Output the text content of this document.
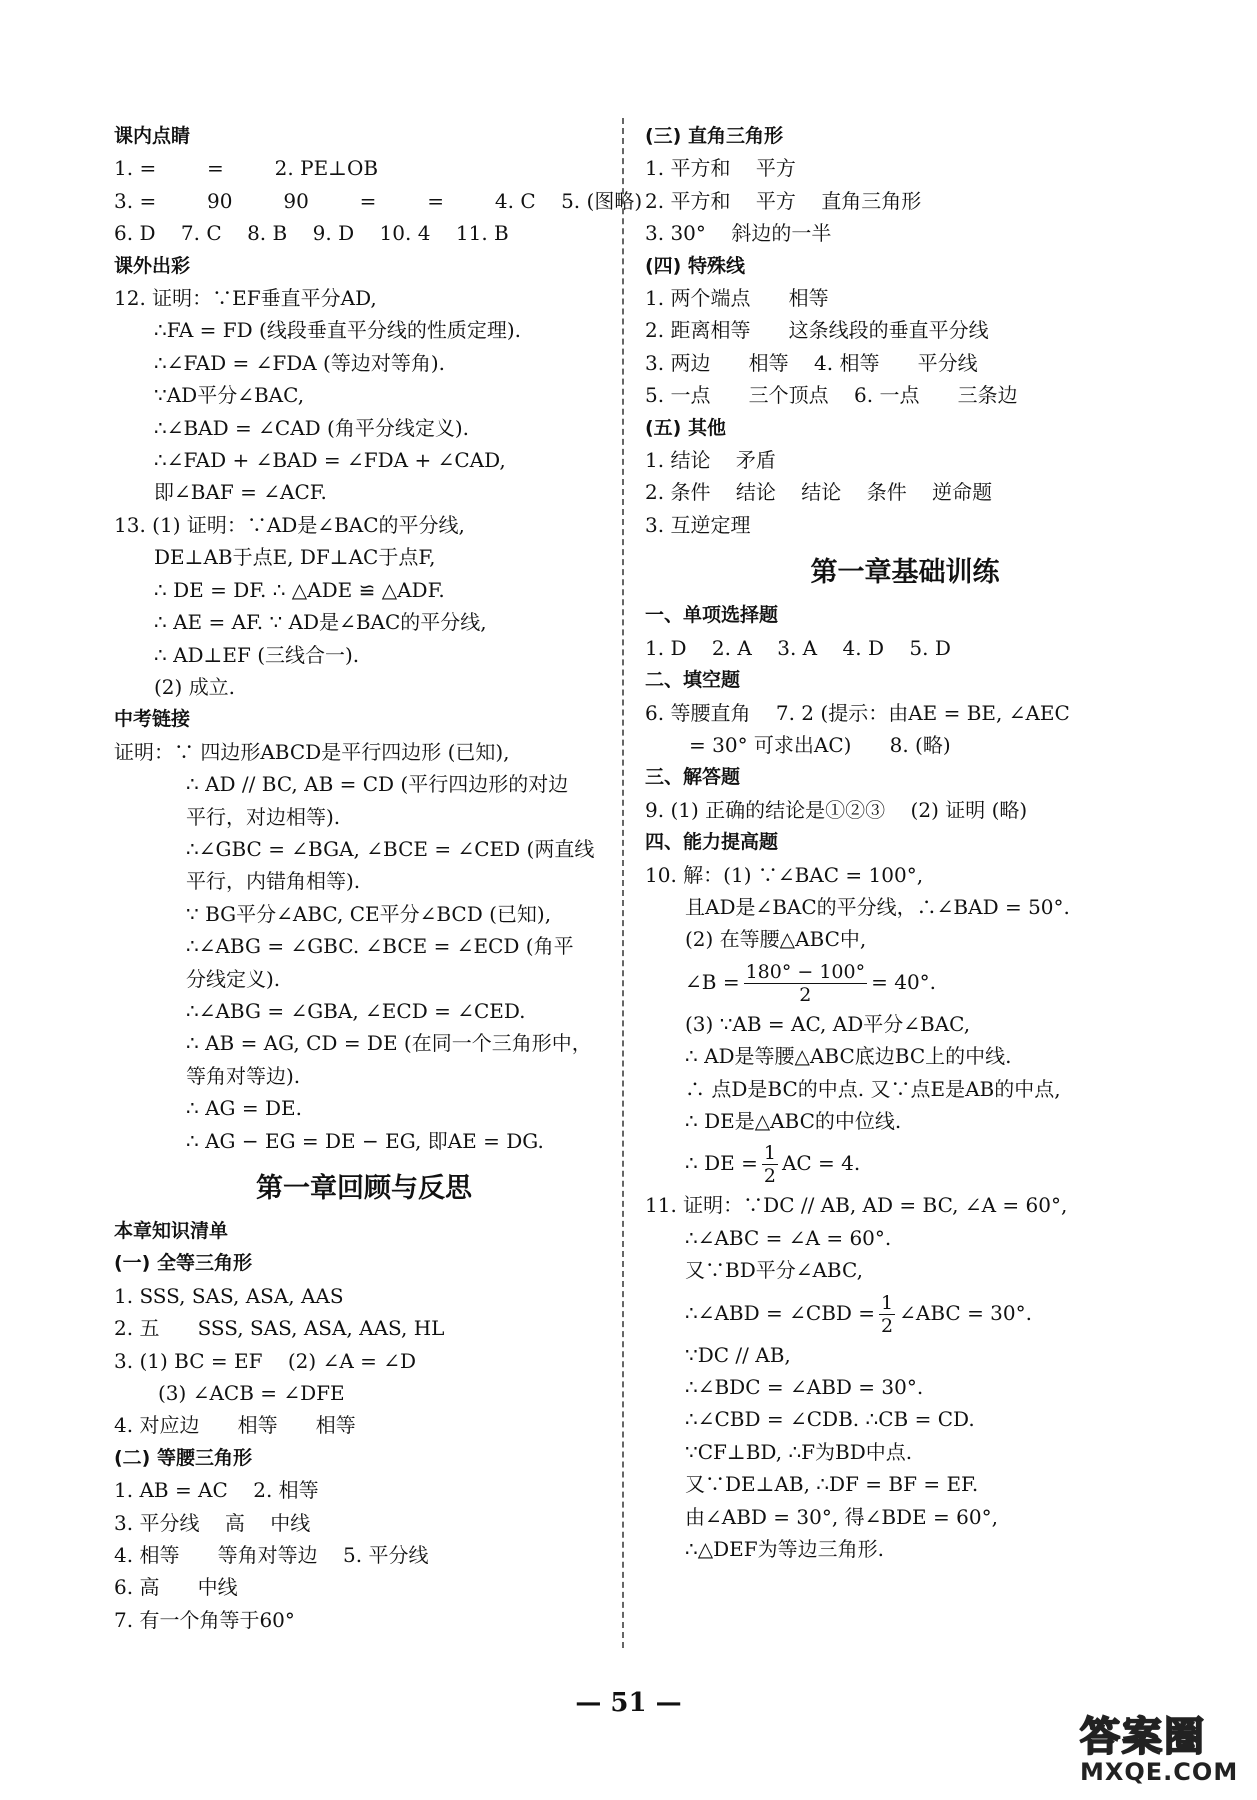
课内点睛
1. =        =        2. PE⊥OB
3. =        90        90        =        =        4. C    5. (图略)
6. D    7. C    8. B    9. D    10. 4    11. B
课外出彩
12. 证明：∵EF垂直平分AD,
∴FA = FD (线段垂直平分线的性质定理).
∴∠FAD = ∠FDA (等边对等角).
∵AD平分∠BAC,
∴∠BAD = ∠CAD (角平分线定义).
∴∠FAD + ∠BAD = ∠FDA + ∠CAD,
即∠BAF = ∠ACF.
13. (1) 证明：∵AD是∠BAC的平分线,
DE⊥AB于点E, DF⊥AC于点F,
∴ DE = DF. ∴ △ADE ≌ △ADF.
∴ AE = AF. ∵ AD是∠BAC的平分线,
∴ AD⊥EF (三线合一).
(2) 成立.
中考链接
证明：∵ 四边形ABCD是平行四边形 (已知),
∴ AD // BC, AB = CD (平行四边形的对边
平行，对边相等).
∴∠GBC = ∠BGA, ∠BCE = ∠CED (两直线
平行，内错角相等).
∵ BG平分∠ABC, CE平分∠BCD (已知),
∴∠ABG = ∠GBC. ∠BCE = ∠ECD (角平
分线定义).
∴∠ABG = ∠GBA, ∠ECD = ∠CED.
∴ AB = AG, CD = DE (在同一个三角形中，
等角对等边).
∴ AG = DE.
∴ AG − EG = DE − EG, 即AE = DG.
第一章回顾与反思
本章知识清单
(一) 全等三角形
1. SSS, SAS, ASA, AAS
2. 五      SSS, SAS, ASA, AAS, HL
3. (1) BC = EF    (2) ∠A = ∠D
(3) ∠ACB = ∠DFE
4. 对应边      相等      相等
(二) 等腰三角形
1. AB = AC    2. 相等
3. 平分线    高    中线
4. 相等      等角对等边    5. 平分线
6. 高      中线
7. 有一个角等于60°
(三) 直角三角形
1. 平方和    平方
2. 平方和    平方    直角三角形
3. 30°    斜边的一半
(四) 特殊线
1. 两个端点      相等
2. 距离相等      这条线段的垂直平分线
3. 两边      相等    4. 相等      平分线
5. 一点      三个顶点    6. 一点      三条边
(五) 其他
1. 结论    矛盾
2. 条件    结论    结论    条件    逆命题
3. 互逆定理
第一章基础训练
一、单项选择题
1. D    2. A    3. A    4. D    5. D
二、填空题
6. 等腰直角    7. 2 (提示：由AE = BE, ∠AEC
= 30° 可求出AC)      8. (略)
三、解答题
9. (1) 正确的结论是①②③    (2) 证明 (略)
四、能力提高题
10. 解：(1) ∵∠BAC = 100°,
且AD是∠BAC的平分线，∴∠BAD = 50°.
(2) 在等腰△ABC中,
∠B = $\frac{180^\circ - 100^\circ}{2} = 40^\circ$.
(3) ∵AB = AC, AD平分∠BAC,
∴ AD是等腰△ABC底边BC上的中线.
∴ 点D是BC的中点. 又∵点E是AB的中点,
∴ DE是△ABC的中位线.
∴ DE = $\frac{1}{2}$ AC = 4.
11. 证明：∵DC // AB, AD = BC, ∠A = 60°,
∴∠ABC = ∠A = 60°.
又∵BD平分∠ABC,
∴∠ABD = ∠CBD = $\frac{1}{2}$ ∠ABC = 30°.
∵DC // AB,
∴∠BDC = ∠ABD = 30°.
∴∠CBD = ∠CDB. ∴CB = CD.
∵CF⊥BD, ∴F为BD中点.
又∵DE⊥AB, ∴DF = BF = EF.
由∠ABD = 30°, 得∠BDE = 60°,
∴△DEF为等边三角形.
— 51 —
答案圈
MXQE.COM
